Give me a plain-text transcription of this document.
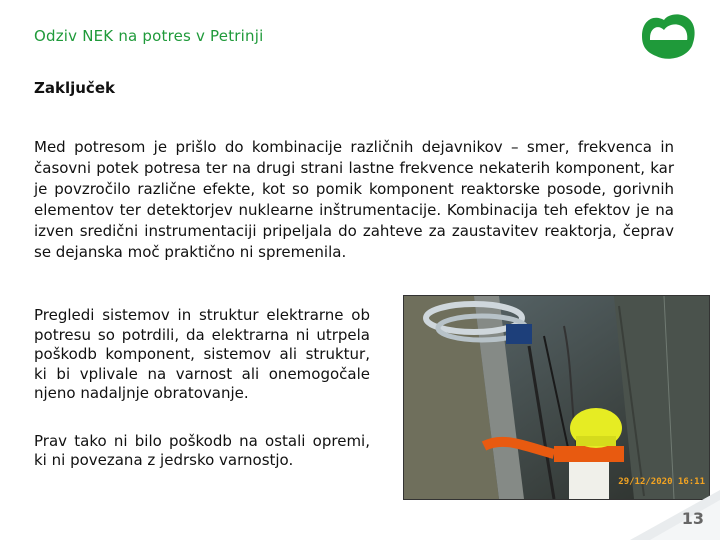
Odziv NEK na potres v Petrinji
Zaključek
Med potresom je prišlo do kombinacije različnih dejavnikov – smer, frekvenca in časovni potek potresa ter na drugi strani lastne frekvence nekaterih komponent, kar je povzročilo različne efekte, kot so pomik komponent reaktorske posode, gorivnih elementov ter detektorjev nuklearne inštrumentacije. Kombinacija teh efektov je na izven sredični instrumentaciji pripeljala do zahteve za zaustavitev reaktorja, čeprav se dejanska moč praktično ni spremenila.

Pregledi sistemov in struktur elektrarne ob potresu so potrdili, da elektrarna ni utrpela poškodb komponent, sistemov ali struktur, ki bi vplivale na varnost ali onemogočale njeno nadaljnje obratovanje.

Prav tako ni bilo poškodb na ostali opremi, ki ni povezana z jedrsko varnostjo.

29/12/2020 16:11
13
